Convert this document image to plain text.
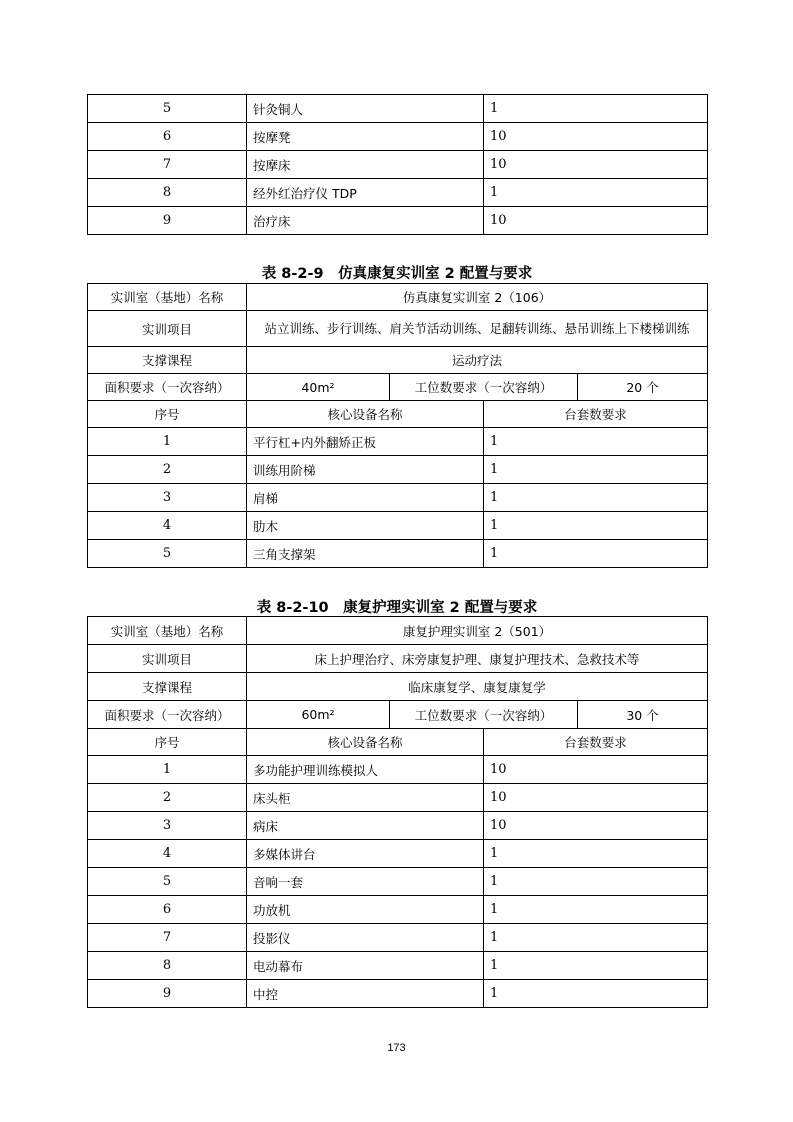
5	针灸铜人	1
6	按摩凳	10
7	按摩床	10
8	经外红治疗仪 TDP	1
9	治疗床	10
表 8-2-9　仿真康复实训室 2 配置与要求
实训室（基地）名称	仿真康复实训室 2（106）			
实训项目	站立训练、步行训练、肩关节活动训练、足翻转训练、悬吊训练上下楼梯训练			
支撑课程	运动疗法			
面积要求（一次容纳）	40m²	工位数要求（一次容纳）		20 个
序号	核心设备名称		台套数要求	
1	平行杠+内外翻矫正板		1	
2	训练用阶梯		1	
3	肩梯		1	
4	肋木		1	
5	三角支撑架		1	
表 8-2-10　康复护理实训室 2 配置与要求
实训室（基地）名称	康复护理实训室 2（501）			
实训项目	床上护理治疗、床旁康复护理、康复护理技术、急救技术等			
支撑课程	临床康复学、康复康复学			
面积要求（一次容纳）	60m²	工位数要求（一次容纳）		30 个
序号	核心设备名称		台套数要求	
1	多功能护理训练模拟人		10	
2	床头柜		10	
3	病床		10	
4	多媒体讲台		1	
5	音响一套		1	
6	功放机		1	
7	投影仪		1	
8	电动幕布		1	
9	中控		1	
173
